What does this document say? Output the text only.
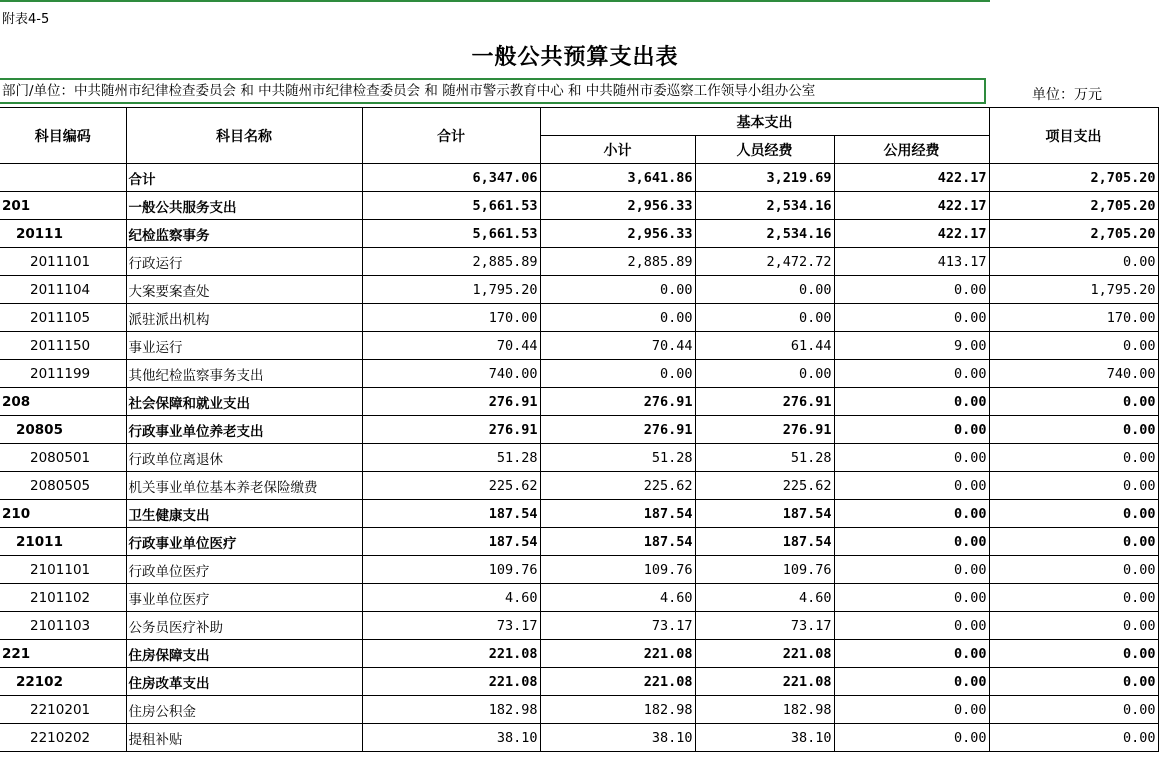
附表4-5
一般公共预算支出表
部门/单位：中共随州市纪律检查委员会 和 中共随州市纪律检查委员会 和 随州市警示教育中心 和 中共随州市委巡察工作领导小组办公室	单位：万元
科目编码	科目名称	合计	基本支出			项目支出
			小计	人员经费	公用经费	
	合计	6,347.06	3,641.86	3,219.69	422.17	2,705.20
201	一般公共服务支出	5,661.53	2,956.33	2,534.16	422.17	2,705.20
20111	纪检监察事务	5,661.53	2,956.33	2,534.16	422.17	2,705.20
2011101	行政运行	2,885.89	2,885.89	2,472.72	413.17	0.00
2011104	大案要案查处	1,795.20	0.00	0.00	0.00	1,795.20
2011105	派驻派出机构	170.00	0.00	0.00	0.00	170.00
2011150	事业运行	70.44	70.44	61.44	9.00	0.00
2011199	其他纪检监察事务支出	740.00	0.00	0.00	0.00	740.00
208	社会保障和就业支出	276.91	276.91	276.91	0.00	0.00
20805	行政事业单位养老支出	276.91	276.91	276.91	0.00	0.00
2080501	行政单位离退休	51.28	51.28	51.28	0.00	0.00
2080505	机关事业单位基本养老保险缴费	225.62	225.62	225.62	0.00	0.00
210	卫生健康支出	187.54	187.54	187.54	0.00	0.00
21011	行政事业单位医疗	187.54	187.54	187.54	0.00	0.00
2101101	行政单位医疗	109.76	109.76	109.76	0.00	0.00
2101102	事业单位医疗	4.60	4.60	4.60	0.00	0.00
2101103	公务员医疗补助	73.17	73.17	73.17	0.00	0.00
221	住房保障支出	221.08	221.08	221.08	0.00	0.00
22102	住房改革支出	221.08	221.08	221.08	0.00	0.00
2210201	住房公积金	182.98	182.98	182.98	0.00	0.00
2210202	提租补贴	38.10	38.10	38.10	0.00	0.00
